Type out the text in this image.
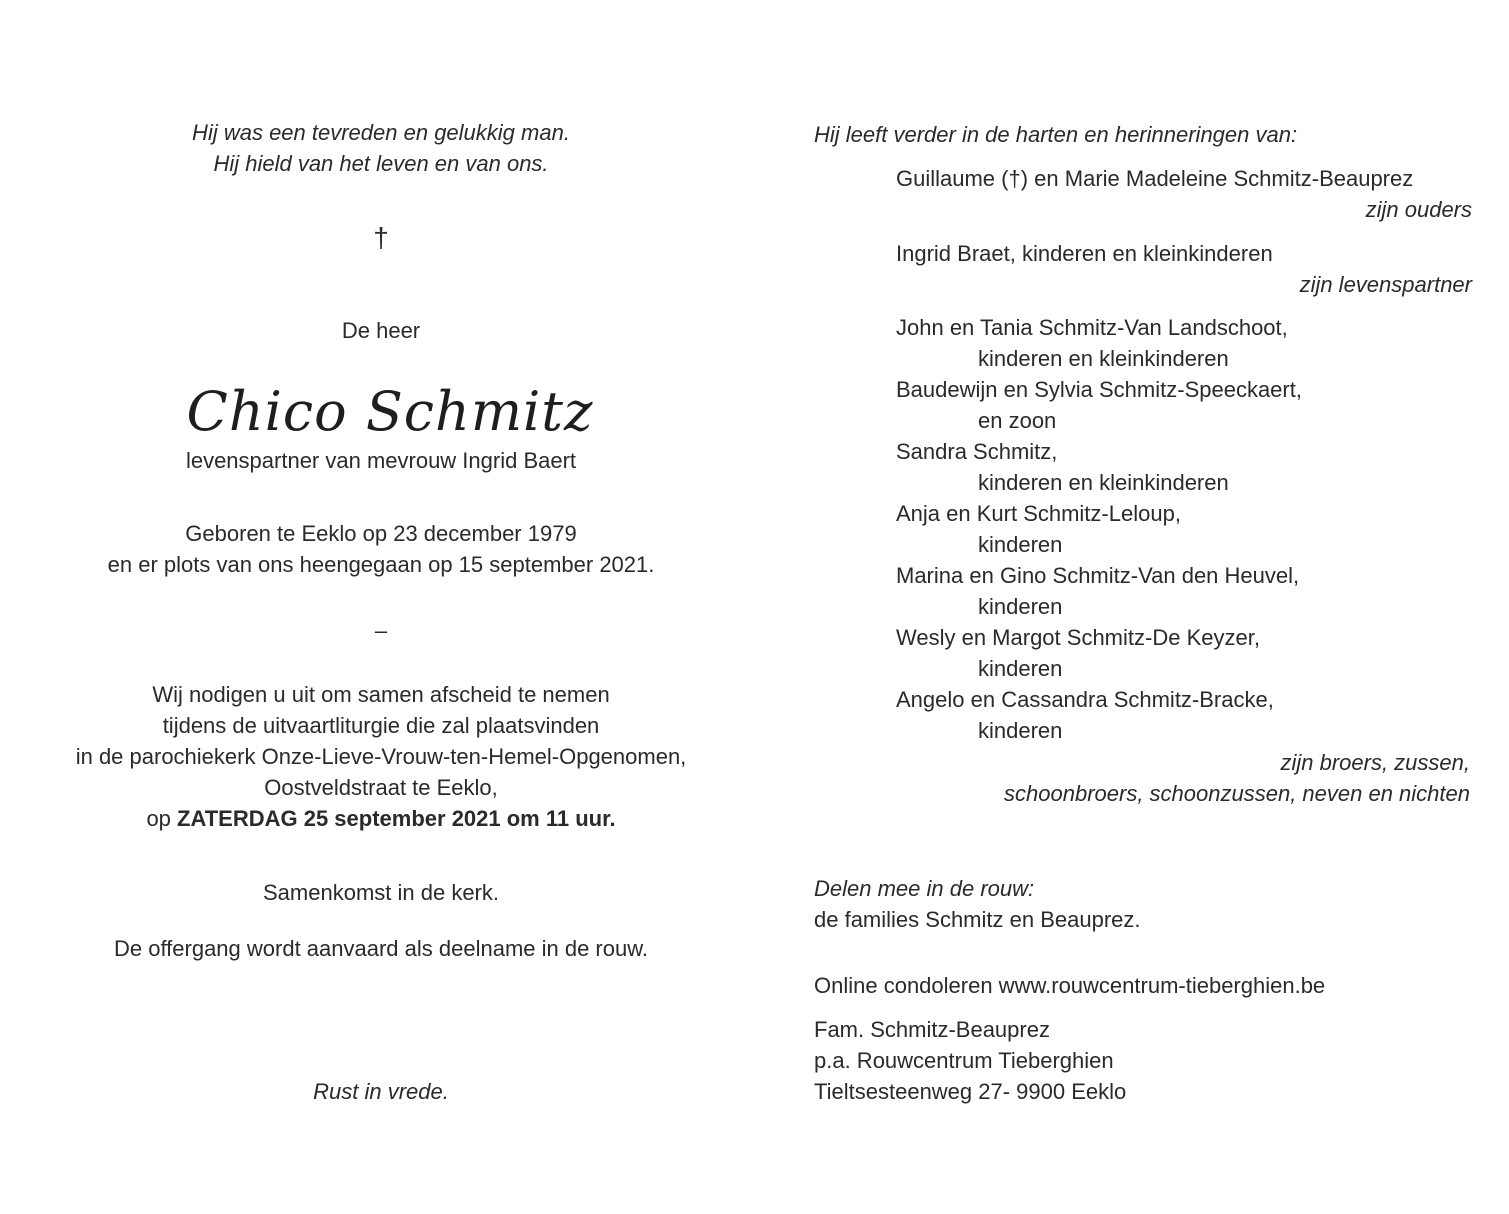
Hij was een tevreden en gelukkig man.
Hij hield van het leven en van ons.
†
De heer
Chico Schmitz
levenspartner van mevrouw Ingrid Baert
Geboren te Eeklo op 23 december 1979
en er plots van ons heengegaan op 15 september 2021.
–
Wij nodigen u uit om samen afscheid te nemen
tijdens de uitvaartliturgie die zal plaatsvinden
in de parochiekerk Onze-Lieve-Vrouw-ten-Hemel-Opgenomen,
Oostveldstraat te Eeklo,
op ZATERDAG 25 september 2021 om 11 uur.
Samenkomst in de kerk.
De offergang wordt aanvaard als deelname in de rouw.
Rust in vrede.
Hij leeft verder in de harten en herinneringen van:
Guillaume (†) en Marie Madeleine Schmitz-Beauprez
zijn ouders
Ingrid Braet, kinderen en kleinkinderen
zijn levenspartner
John en Tania Schmitz-Van Landschoot,
kinderen en kleinkinderen
Baudewijn en Sylvia Schmitz-Speeckaert,
en zoon
Sandra Schmitz,
kinderen en kleinkinderen
Anja en Kurt Schmitz-Leloup,
kinderen
Marina en Gino Schmitz-Van den Heuvel,
kinderen
Wesly en Margot Schmitz-De Keyzer,
kinderen
Angelo en Cassandra Schmitz-Bracke,
kinderen
zijn broers, zussen,
schoonbroers, schoonzussen, neven en nichten
Delen mee in de rouw:
de families Schmitz en Beauprez.
Online condoleren www.rouwcentrum-tieberghien.be
Fam. Schmitz-Beauprez
p.a. Rouwcentrum Tieberghien
Tieltsesteenweg 27- 9900 Eeklo
